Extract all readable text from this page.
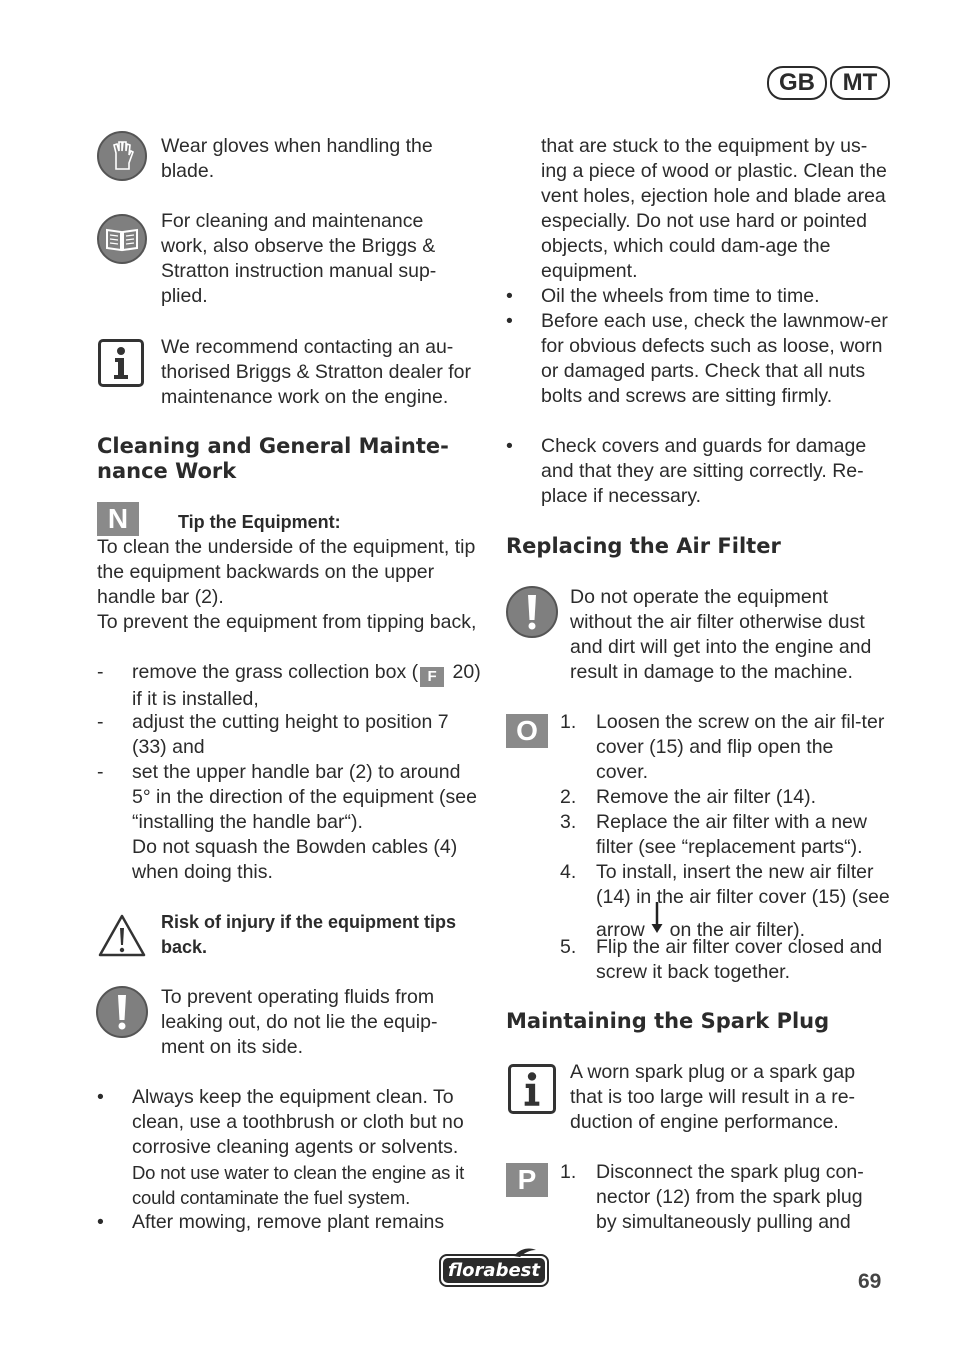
GB	MT
Wear gloves when handling the blade.
For cleaning and maintenance work, also observe the Briggs & Stratton instruction manual sup-plied.
We recommend contacting an au-thorised Briggs & Stratton dealer for maintenance work on the engine.
Cleaning and General Mainte-nance Work
N	Tip the Equipment:
To clean the underside of the equipment, tip the equipment backwards on the upper handle bar (2).
To prevent the equipment from tipping back,
- remove the grass collection box ( F 20) if it is installed,
- adjust the cutting height to position 7 (33) and
- set the upper handle bar (2) to around 5° in the direction of the equipment (see “installing the handle bar“).
Do not squash the Bowden cables (4) when doing this.
Risk of injury if the equipment tips back.
To prevent operating fluids from leaking out, do not lie the equip-ment on its side.
• Always keep the equipment clean. To clean, use a toothbrush or cloth but no corrosive cleaning agents or solvents.
Do not use water to clean the engine as it could contaminate the fuel system.
• After mowing, remove plant remains
that are stuck to the equipment by us-ing a piece of wood or plastic. Clean the vent holes, ejection hole and blade area especially. Do not use hard or pointed objects, which could dam-age the equipment.
• Oil the wheels from time to time.
• Before each use, check the lawnmow-er for obvious defects such as loose, worn or damaged parts. Check that all nuts bolts and screws are sitting firmly.
• Check covers and guards for damage and that they are sitting correctly. Re-place if necessary.
Replacing the Air Filter
Do not operate the equipment without the air filter otherwise dust and dirt will get into the engine and result in damage to the machine.
O	1. Loosen the screw on the air fil-ter cover (15) and flip open the cover.
2. Remove the air filter (14).
3. Replace the air filter with a new filter (see “replacement parts“).
4. To install, insert the new air filter (14) in the air filter cover (15) (see arrow  on the air filter).
5. Flip the air filter cover closed and screw it back together.
Maintaining the Spark Plug
A worn spark plug or a spark gap that is too large will result in a re-duction of engine performance.
P	1. Disconnect the spark plug con-nector (12) from the spark plug by simultaneously pulling and
florabest	69
